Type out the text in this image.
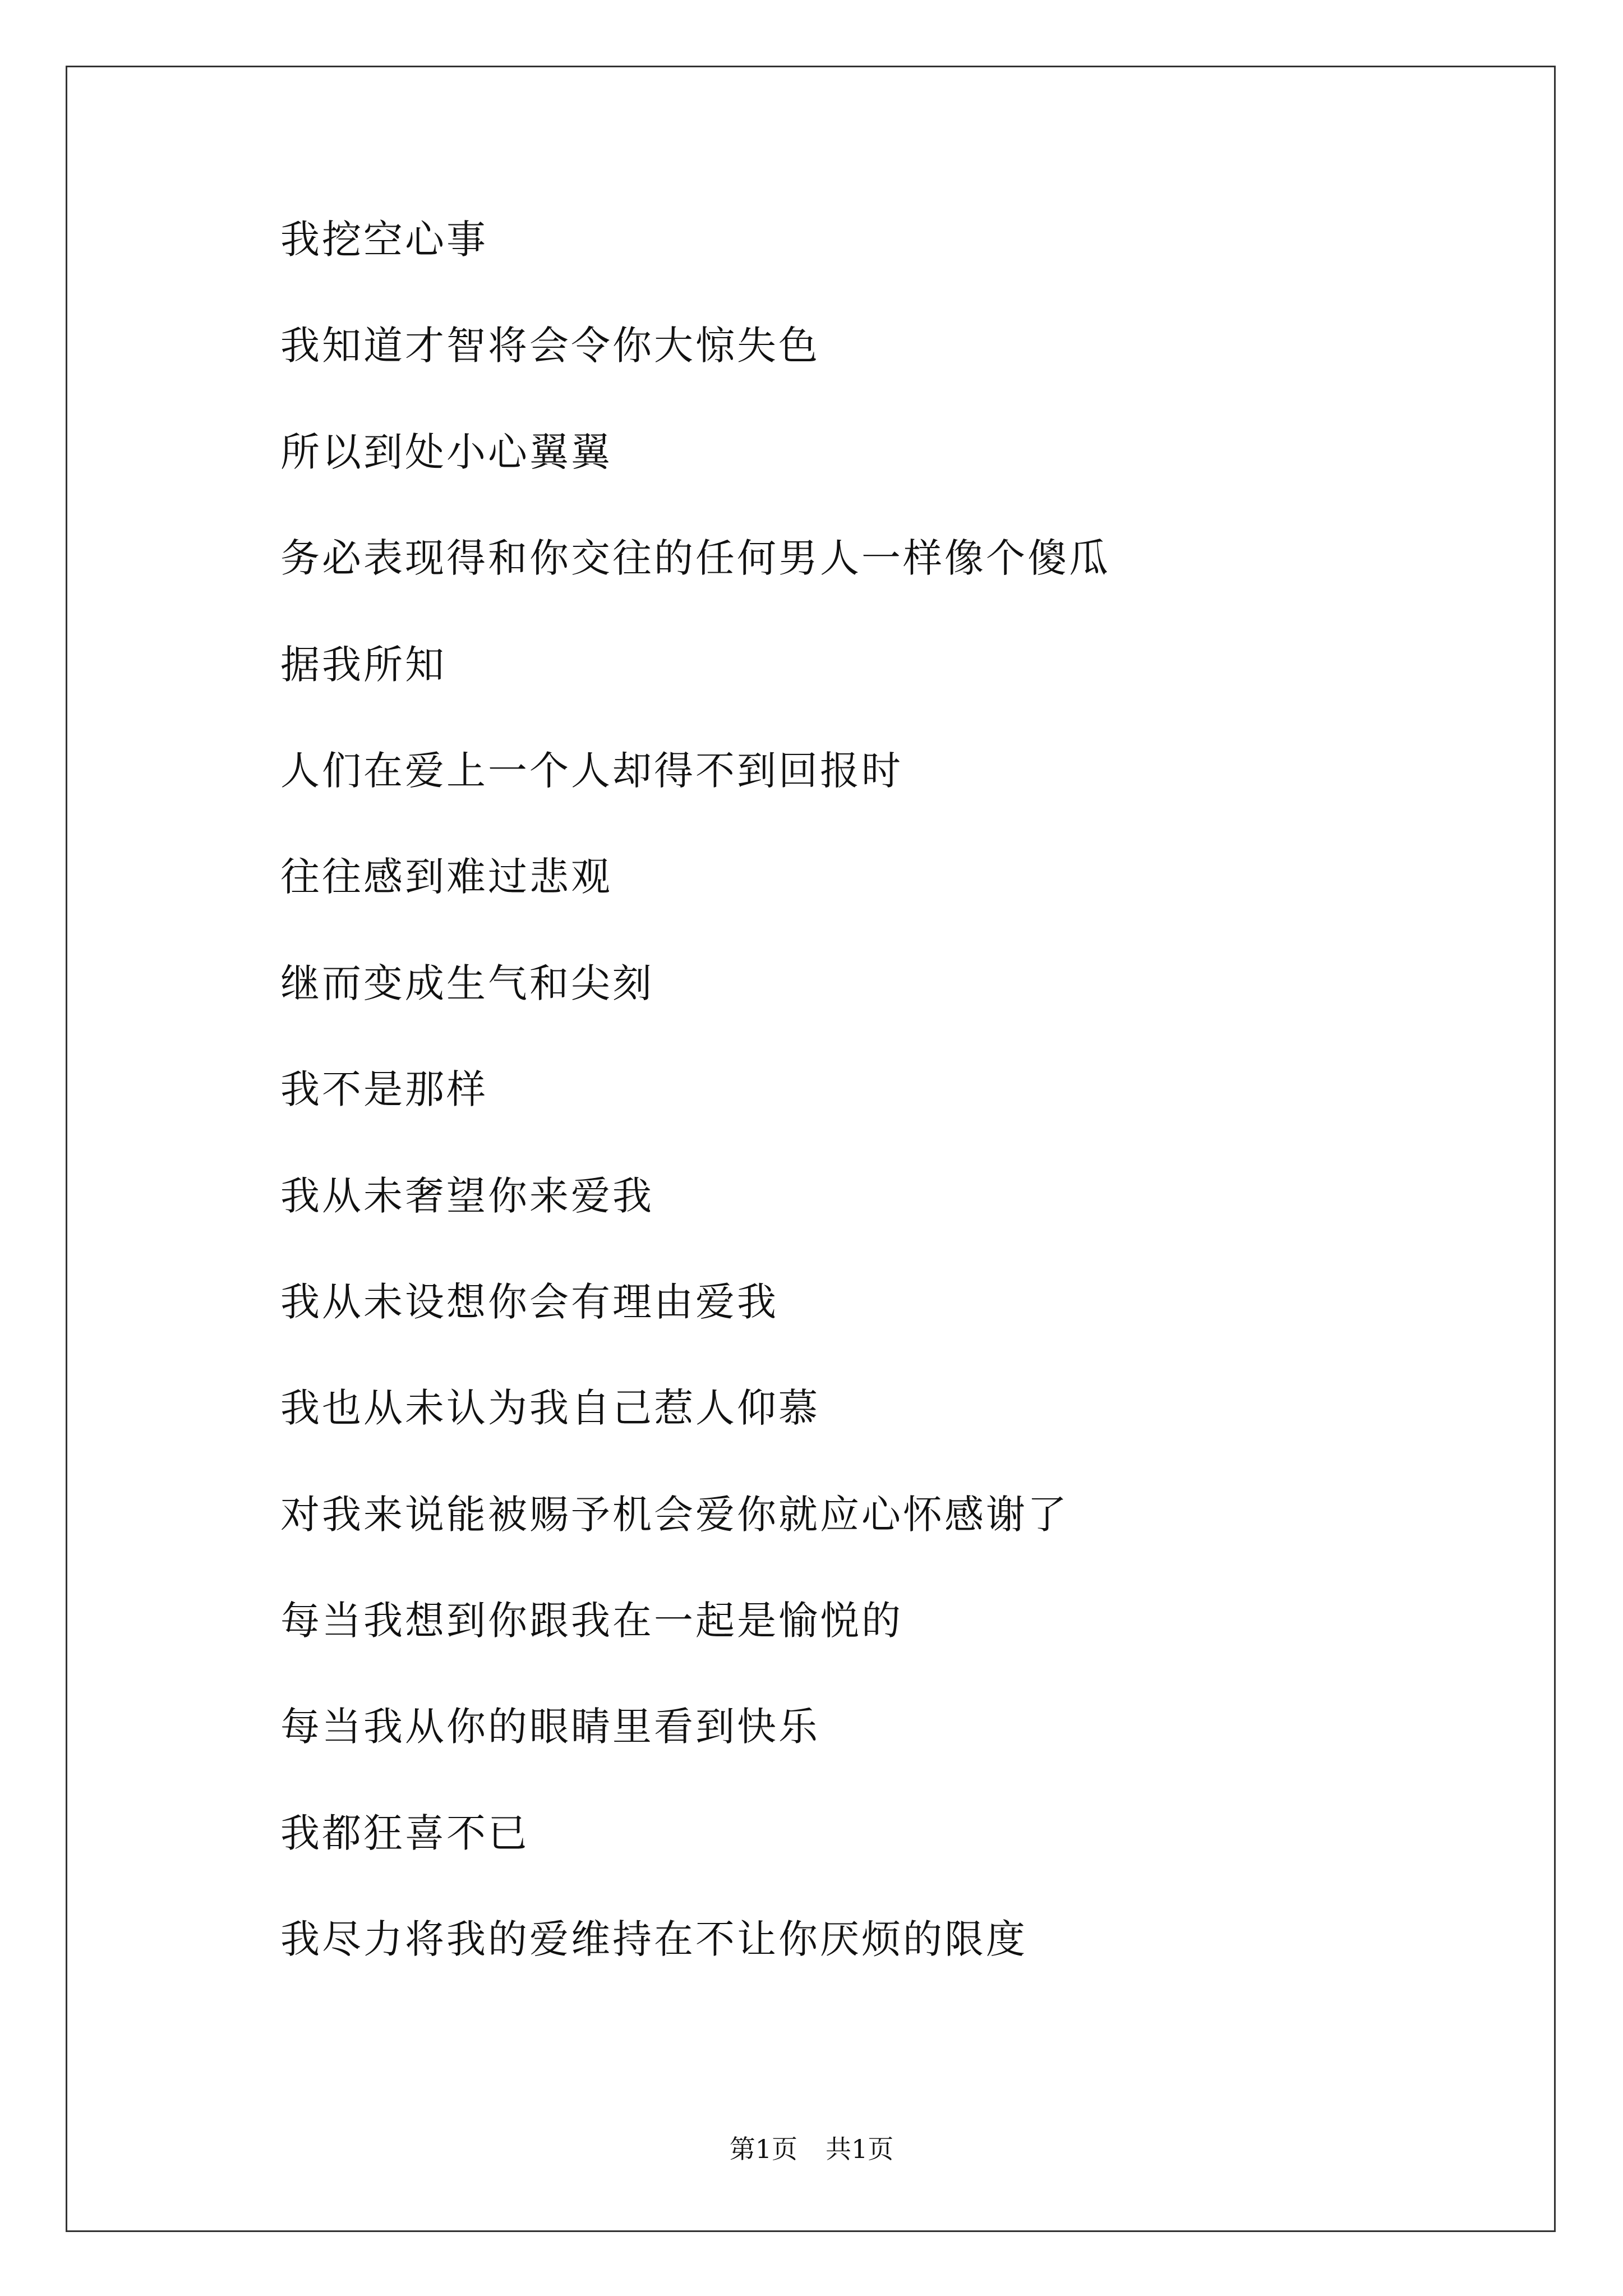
我挖空心事
我知道才智将会令你大惊失色
所以到处小心翼翼
务必表现得和你交往的任何男人一样像个傻瓜
据我所知
人们在爱上一个人却得不到回报时
往往感到难过悲观
继而变成生气和尖刻
我不是那样
我从未奢望你来爱我
我从未设想你会有理由爱我
我也从未认为我自己惹人仰慕
对我来说能被赐予机会爱你就应心怀感谢了
每当我想到你跟我在一起是愉悦的
每当我从你的眼睛里看到快乐
我都狂喜不已
我尽力将我的爱维持在不让你厌烦的限度
第1页 共1页
